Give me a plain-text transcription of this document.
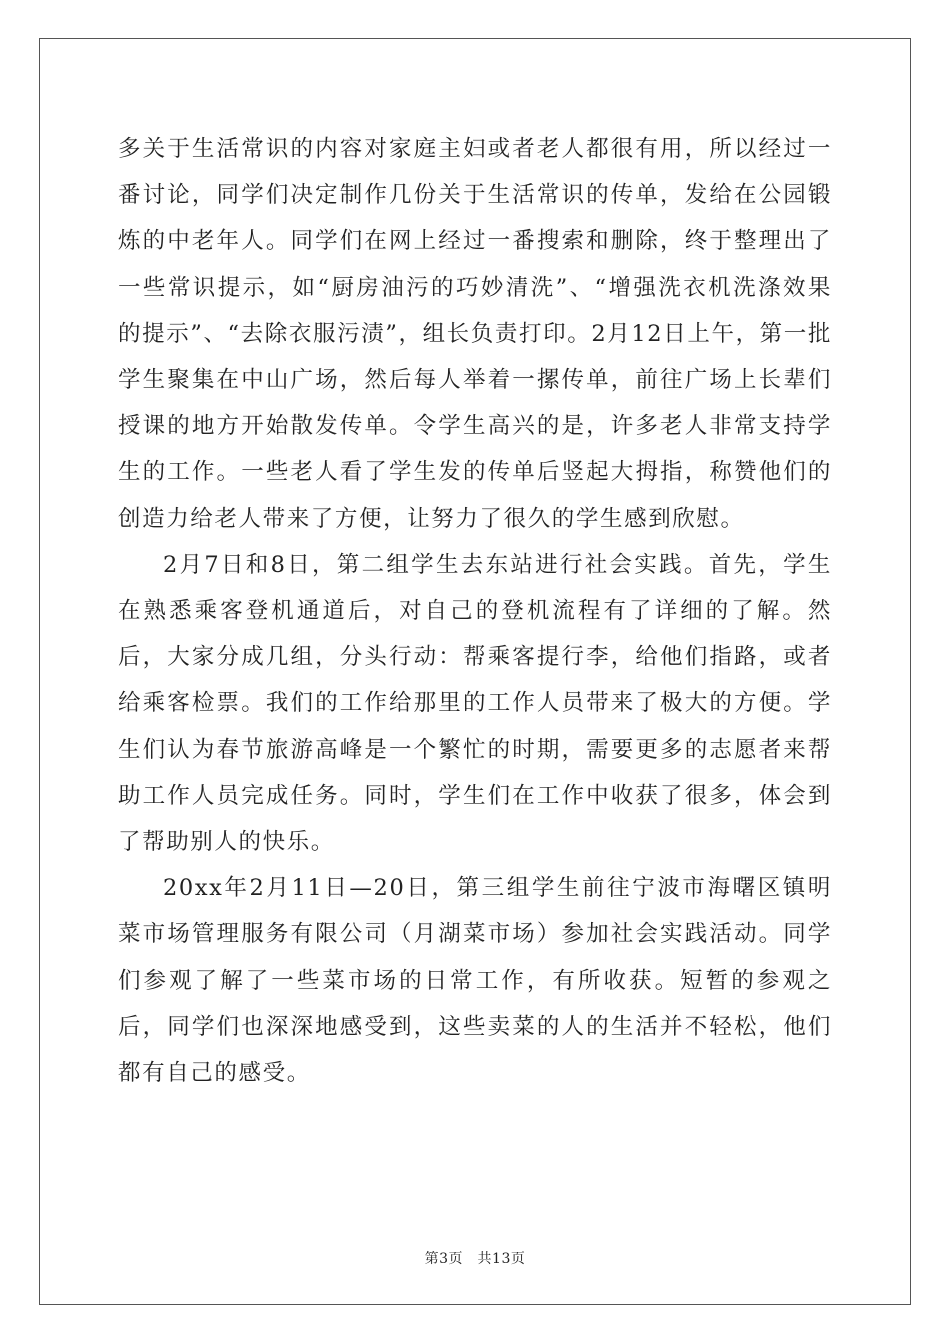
多关于生活常识的内容对家庭主妇或者老人都很有用，所以经过一番讨论，同学们决定制作几份关于生活常识的传单，发给在公园锻炼的中老年人。同学们在网上经过一番搜索和删除，终于整理出了一些常识提示，如“厨房油污的巧妙清洗”、“增强洗衣机洗涤效果的提示”、“去除衣服污渍”，组长负责打印。2月12日上午，第一批学生聚集在中山广场，然后每人举着一摞传单，前往广场上长辈们授课的地方开始散发传单。令学生高兴的是，许多老人非常支持学生的工作。一些老人看了学生发的传单后竖起大拇指，称赞他们的创造力给老人带来了方便，让努力了很久的学生感到欣慰。

2月7日和8日，第二组学生去东站进行社会实践。首先，学生在熟悉乘客登机通道后，对自己的登机流程有了详细的了解。然后，大家分成几组，分头行动：帮乘客提行李，给他们指路，或者给乘客检票。我们的工作给那里的工作人员带来了极大的方便。学生们认为春节旅游高峰是一个繁忙的时期，需要更多的志愿者来帮助工作人员完成任务。同时，学生们在工作中收获了很多，体会到了帮助别人的快乐。

20xx年2月11日—20日，第三组学生前往宁波市海曙区镇明菜市场管理服务有限公司（月湖菜市场）参加社会实践活动。同学们参观了解了一些菜市场的日常工作，有所收获。短暂的参观之后，同学们也深深地感受到，这些卖菜的人的生活并不轻松，他们都有自己的感受。

第3页　共13页
